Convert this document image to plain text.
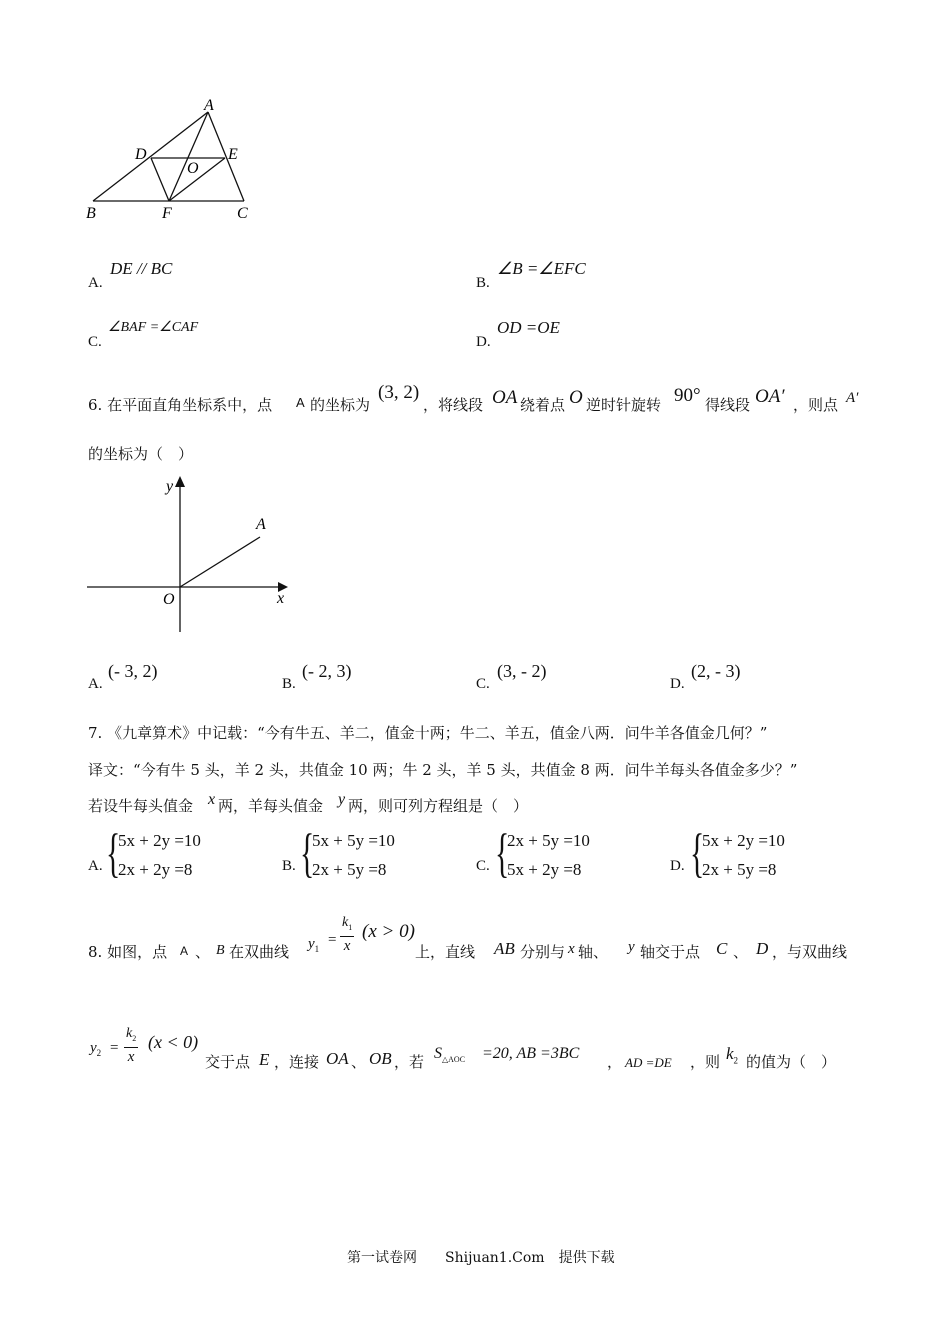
A
D	E
O
B	F	C
A.
DE // BC
B.
∠B =∠EFC
C.
∠BAF =∠CAF
D.
OD =OE
6. 在平面直角坐标系中，点 A 的坐标为
(3, 2)
，将线段 OA 绕着点 O 逆时针旋转 90° 得线段 OA′ ，则点 A′
的坐标为（　）
y
A
O	x
A.
(- 3, 2)
B.
(- 2, 3)
C.
(3, - 2)
D.
(2, - 3)
7. 《九章算术》中记载：“今有牛五、羊二，值金十两；牛二、羊五，值金八两．问牛羊各值金几何？”
译文：“今有牛 5 头，羊 2 头，共值金 10 两；牛 2 头，羊 5 头，共值金 8 两．问牛羊每头各值金多少？”
若设牛每头值金 x 两，羊每头值金 y 两，则可列方程组是（　）
A. {
5x + 2y =10
2x + 2y =8	B. {
5x + 5y =10
2x + 5y =8	C. {
2x + 5y =10
5x + 2y =8	D. {
5x + 2y =10
2x + 5y =8
8. 如图，点 A 、 B 在双曲线 $y_1$
= $\frac{k_1}{x} (x > 0)$
上，直线 AB 分别与 x 轴、 y 轴交于点 C 、 D ，与双曲线
$y_2 = \frac{k_2}{x} (x < 0)$
交于点 E ，连接 OA 、 OB ，若 $S_{\triangle AOC} =20$, AB =3BC ， AD =DE ，则 $k_2$ 的值为（　）
第一试卷网　　Shijuan1.Com　提供下载
